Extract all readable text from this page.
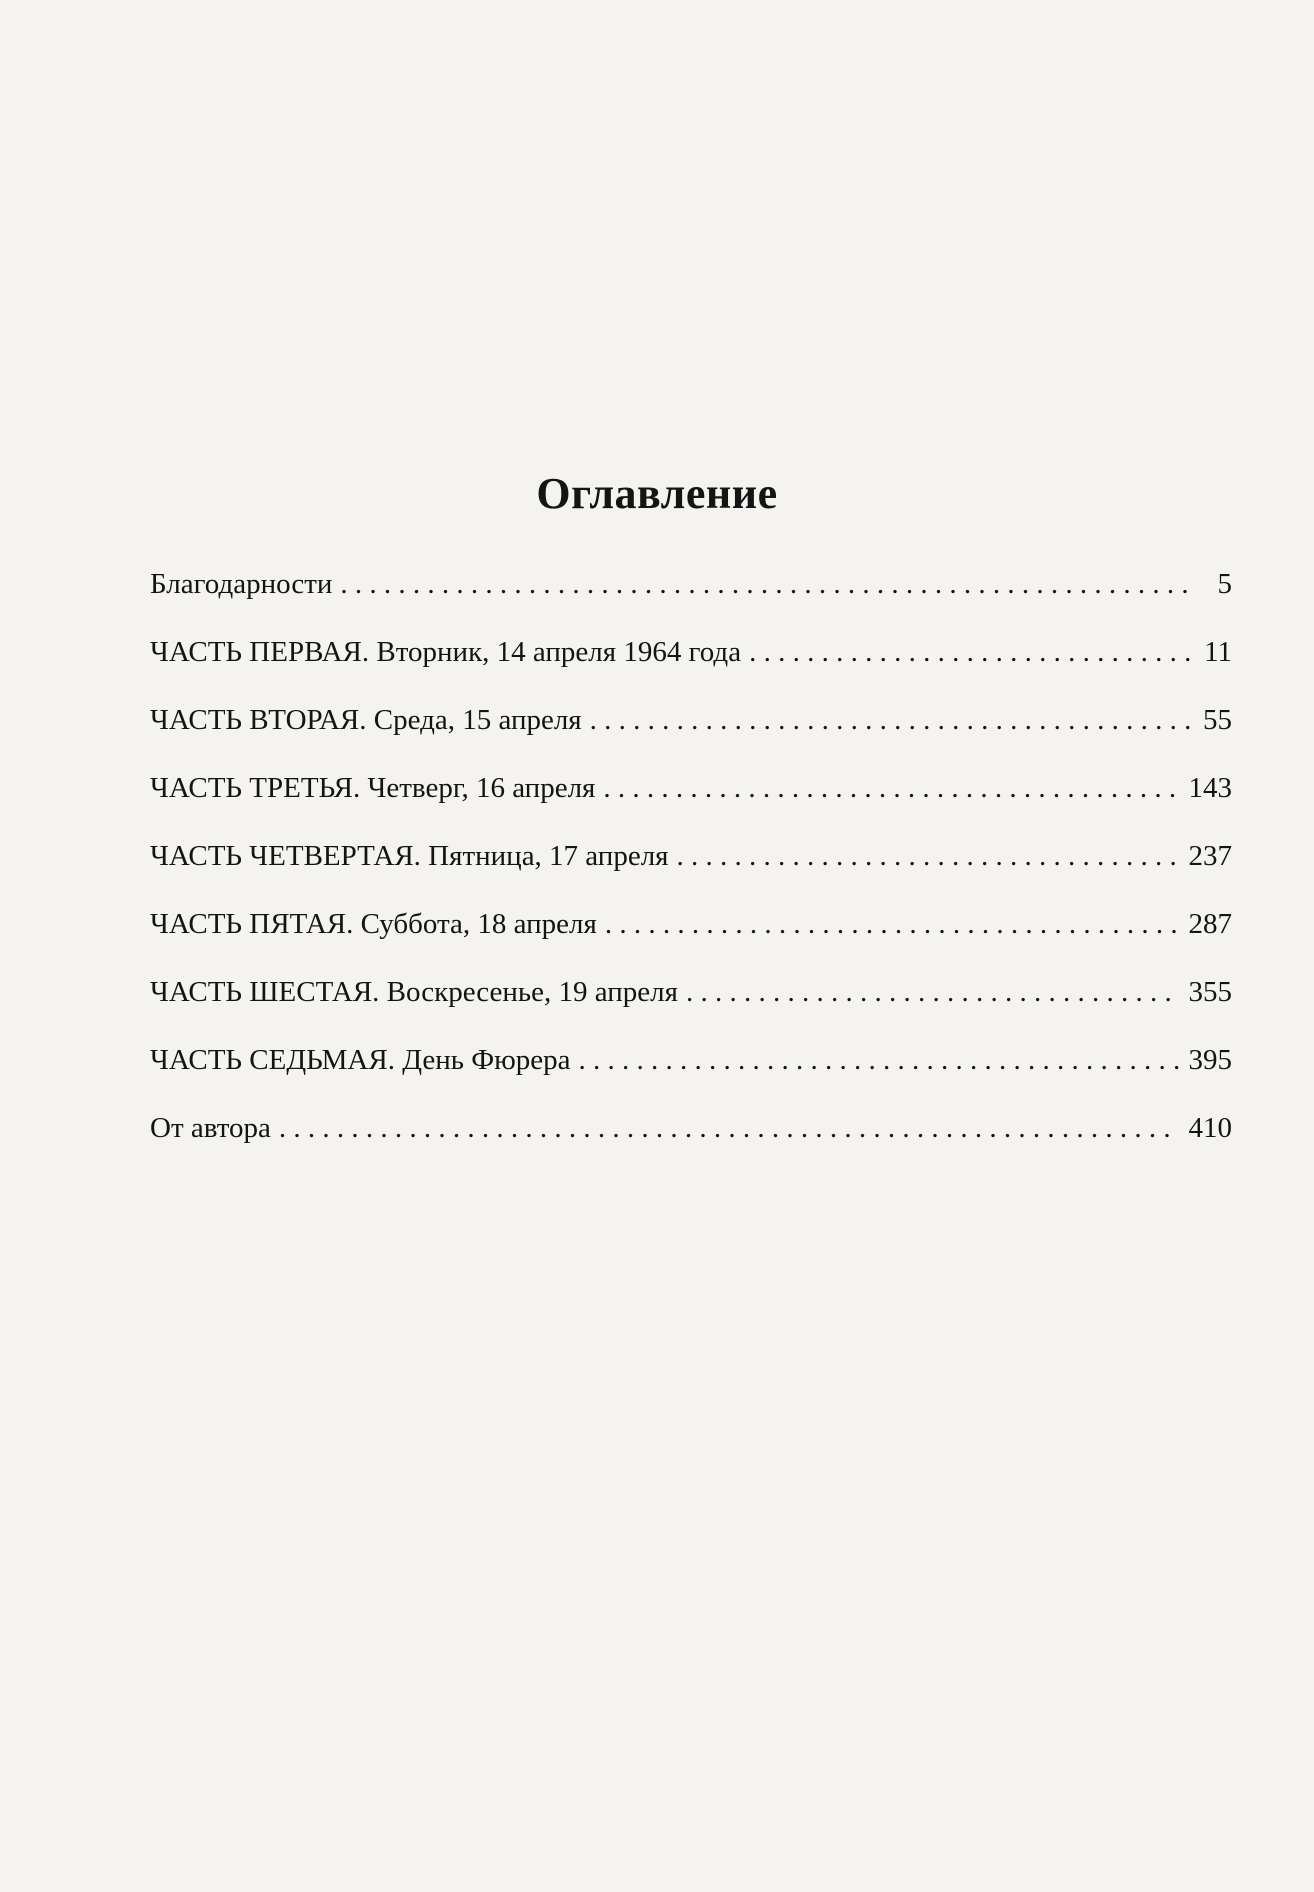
Оглавление
Благодарности . . .	5
ЧАСТЬ ПЕРВАЯ. Вторник, 14 апреля 1964 года . . .	11
ЧАСТЬ ВТОРАЯ. Среда, 15 апреля . . .	55
ЧАСТЬ ТРЕТЬЯ. Четверг, 16 апреля . . .	143
ЧАСТЬ ЧЕТВЕРТАЯ. Пятница, 17 апреля . . .	237
ЧАСТЬ ПЯТАЯ. Суббота, 18 апреля . . .	287
ЧАСТЬ ШЕСТАЯ. Воскресенье, 19 апреля . . .	355
ЧАСТЬ СЕДЬМАЯ. День Фюрера . . .	395
От автора . . .	410
